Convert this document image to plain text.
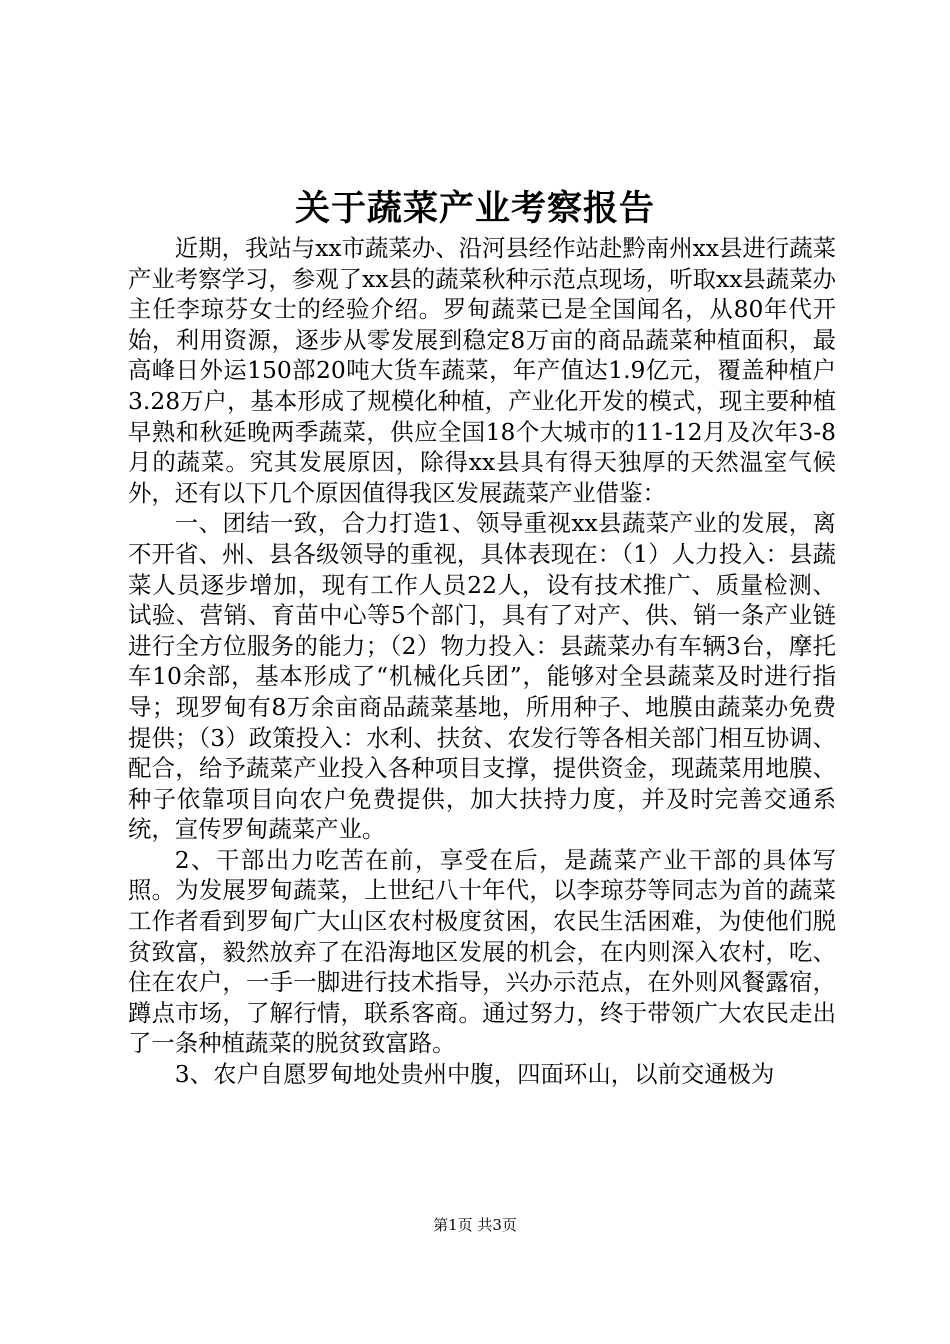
关于蔬菜产业考察报告

近期，我站与xx市蔬菜办、沿河县经作站赴黔南州xx县进行蔬菜产业考察学习，参观了xx县的蔬菜秋种示范点现场，听取xx县蔬菜办主任李琼芬女士的经验介绍。罗甸蔬菜已是全国闻名，从80年代开始，利用资源，逐步从零发展到稳定8万亩的商品蔬菜种植面积，最高峰日外运150部20吨大货车蔬菜，年产值达1.9亿元，覆盖种植户3.28万户，基本形成了规模化种植，产业化开发的模式，现主要种植早熟和秋延晚两季蔬菜，供应全国18个大城市的11-12月及次年3-8月的蔬菜。究其发展原因，除得xx县具有得天独厚的天然温室气候外，还有以下几个原因值得我区发展蔬菜产业借鉴：

一、团结一致，合力打造1、领导重视xx县蔬菜产业的发展，离不开省、州、县各级领导的重视，具体表现在：（1）人力投入：县蔬菜人员逐步增加，现有工作人员22人，设有技术推广、质量检测、试验、营销、育苗中心等5个部门，具有了对产、供、销一条产业链进行全方位服务的能力；（2）物力投入：县蔬菜办有车辆3台，摩托车10余部，基本形成了“机械化兵团”，能够对全县蔬菜及时进行指导；现罗甸有8万余亩商品蔬菜基地，所用种子、地膜由蔬菜办免费提供；（3）政策投入：水利、扶贫、农发行等各相关部门相互协调、配合，给予蔬菜产业投入各种项目支撑，提供资金，现蔬菜用地膜、种子依靠项目向农户免费提供，加大扶持力度，并及时完善交通系统，宣传罗甸蔬菜产业。

2、干部出力吃苦在前，享受在后，是蔬菜产业干部的具体写照。为发展罗甸蔬菜，上世纪八十年代，以李琼芬等同志为首的蔬菜工作者看到罗甸广大山区农村极度贫困，农民生活困难，为使他们脱贫致富，毅然放弃了在沿海地区发展的机会，在内则深入农村，吃、住在农户，一手一脚进行技术指导，兴办示范点，在外则风餐露宿，蹲点市场，了解行情，联系客商。通过努力，终于带领广大农民走出了一条种植蔬菜的脱贫致富路。

3、农户自愿罗甸地处贵州中腹，四面环山，以前交通极为

第1页 共3页
